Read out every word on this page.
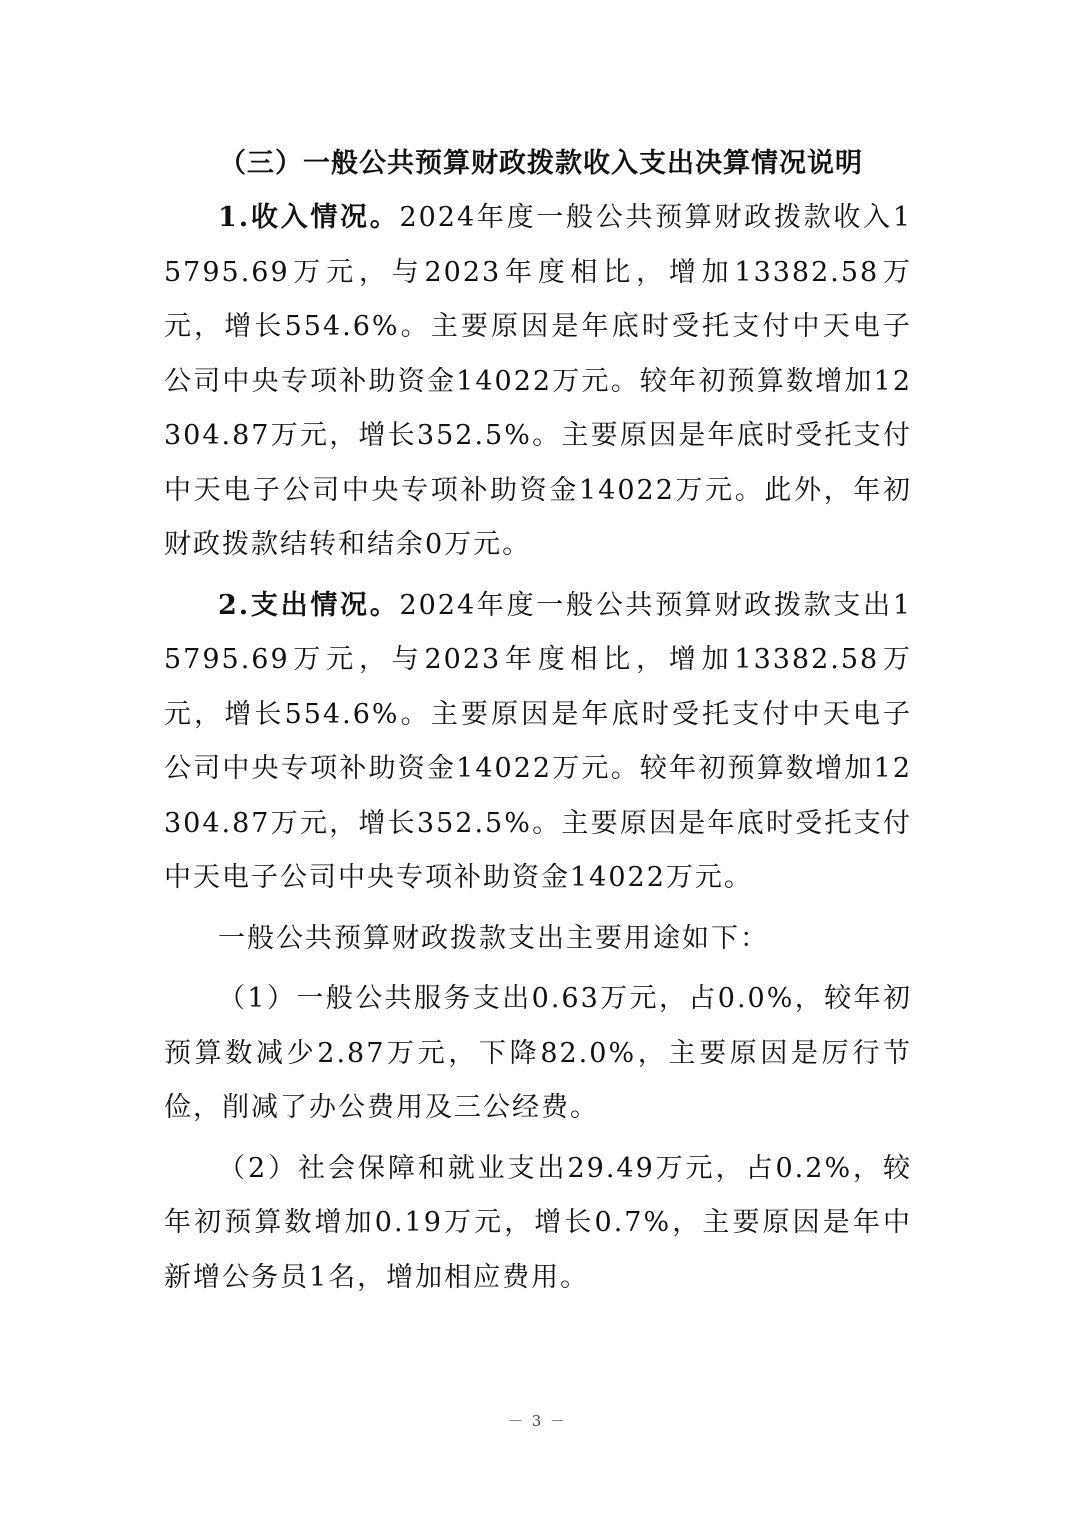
（三）一般公共预算财政拨款收入支出决算情况说明

1.收入情况。2024年度一般公共预算财政拨款收入15795.69万元，与2023年度相比，增加13382.58万元，增长554.6%。主要原因是年底时受托支付中天电子公司中央专项补助资金14022万元。较年初预算数增加12304.87万元，增长352.5%。主要原因是年底时受托支付中天电子公司中央专项补助资金14022万元。此外，年初财政拨款结转和结余0万元。

2.支出情况。2024年度一般公共预算财政拨款支出15795.69万元，与2023年度相比，增加13382.58万元，增长554.6%。主要原因是年底时受托支付中天电子公司中央专项补助资金14022万元。较年初预算数增加12304.87万元，增长352.5%。主要原因是年底时受托支付中天电子公司中央专项补助资金14022万元。

一般公共预算财政拨款支出主要用途如下：

（1）一般公共服务支出0.63万元，占0.0%，较年初预算数减少2.87万元，下降82.0%，主要原因是厉行节俭，削减了办公费用及三公经费。

（2）社会保障和就业支出29.49万元，占0.2%，较年初预算数增加0.19万元，增长0.7%，主要原因是年中新增公务员1名，增加相应费用。

－ 3 －
